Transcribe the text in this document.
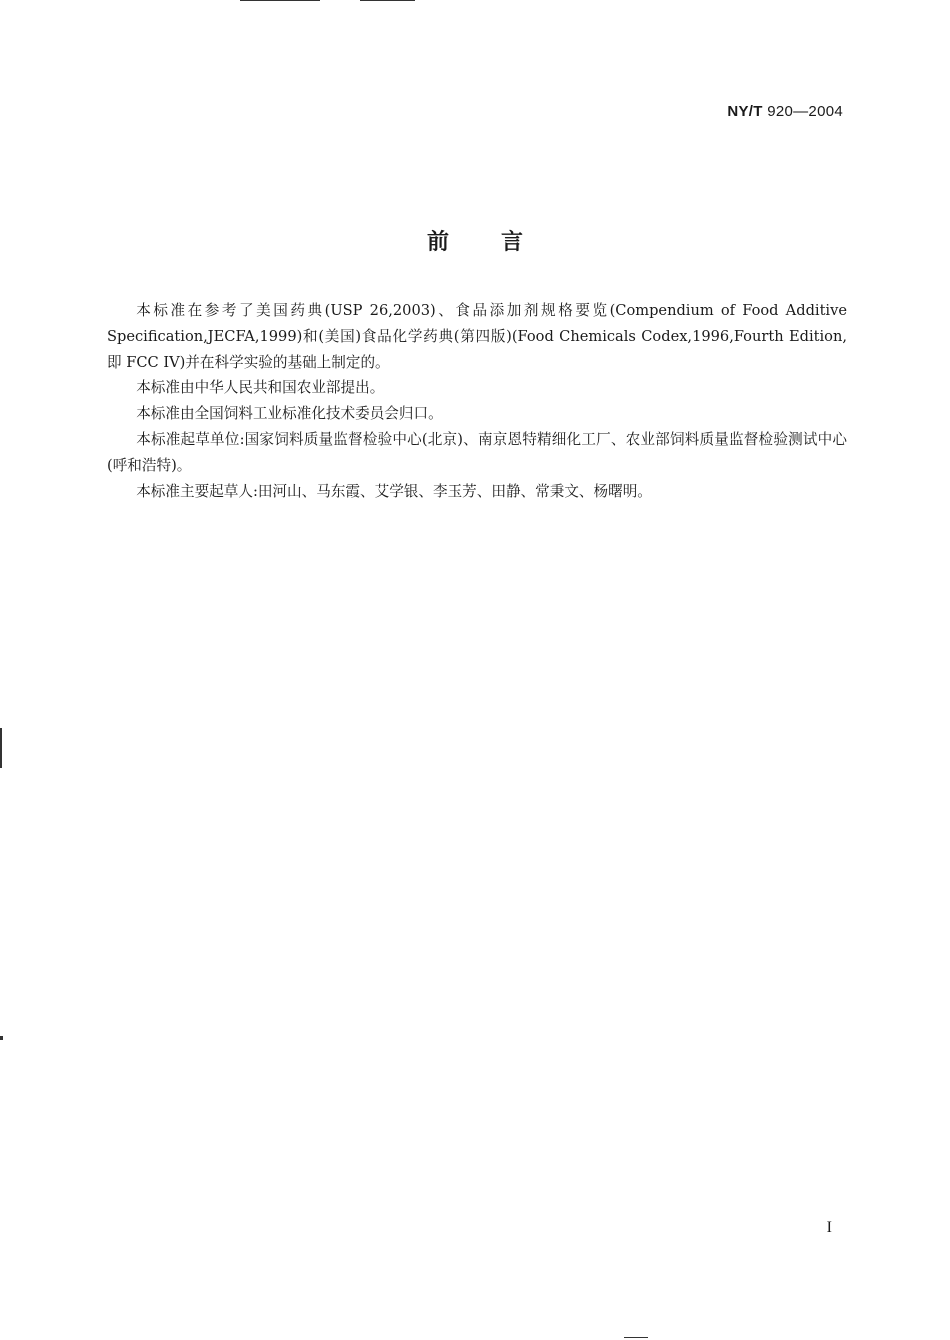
NY/T 920—2004
前言

本标准在参考了美国药典(USP 26,2003)、食品添加剂规格要览(Compendium of Food Additive Specification,JECFA,1999)和(美国)食品化学药典(第四版)(Food Chemicals Codex,1996,Fourth Edition,即 FCC IV)并在科学实验的基础上制定的。

本标准由中华人民共和国农业部提出。

本标准由全国饲料工业标准化技术委员会归口。

本标准起草单位:国家饲料质量监督检验中心(北京)、南京恩特精细化工厂、农业部饲料质量监督检验测试中心(呼和浩特)。

本标准主要起草人:田河山、马东霞、艾学银、李玉芳、田静、常秉文、杨曙明。

I
